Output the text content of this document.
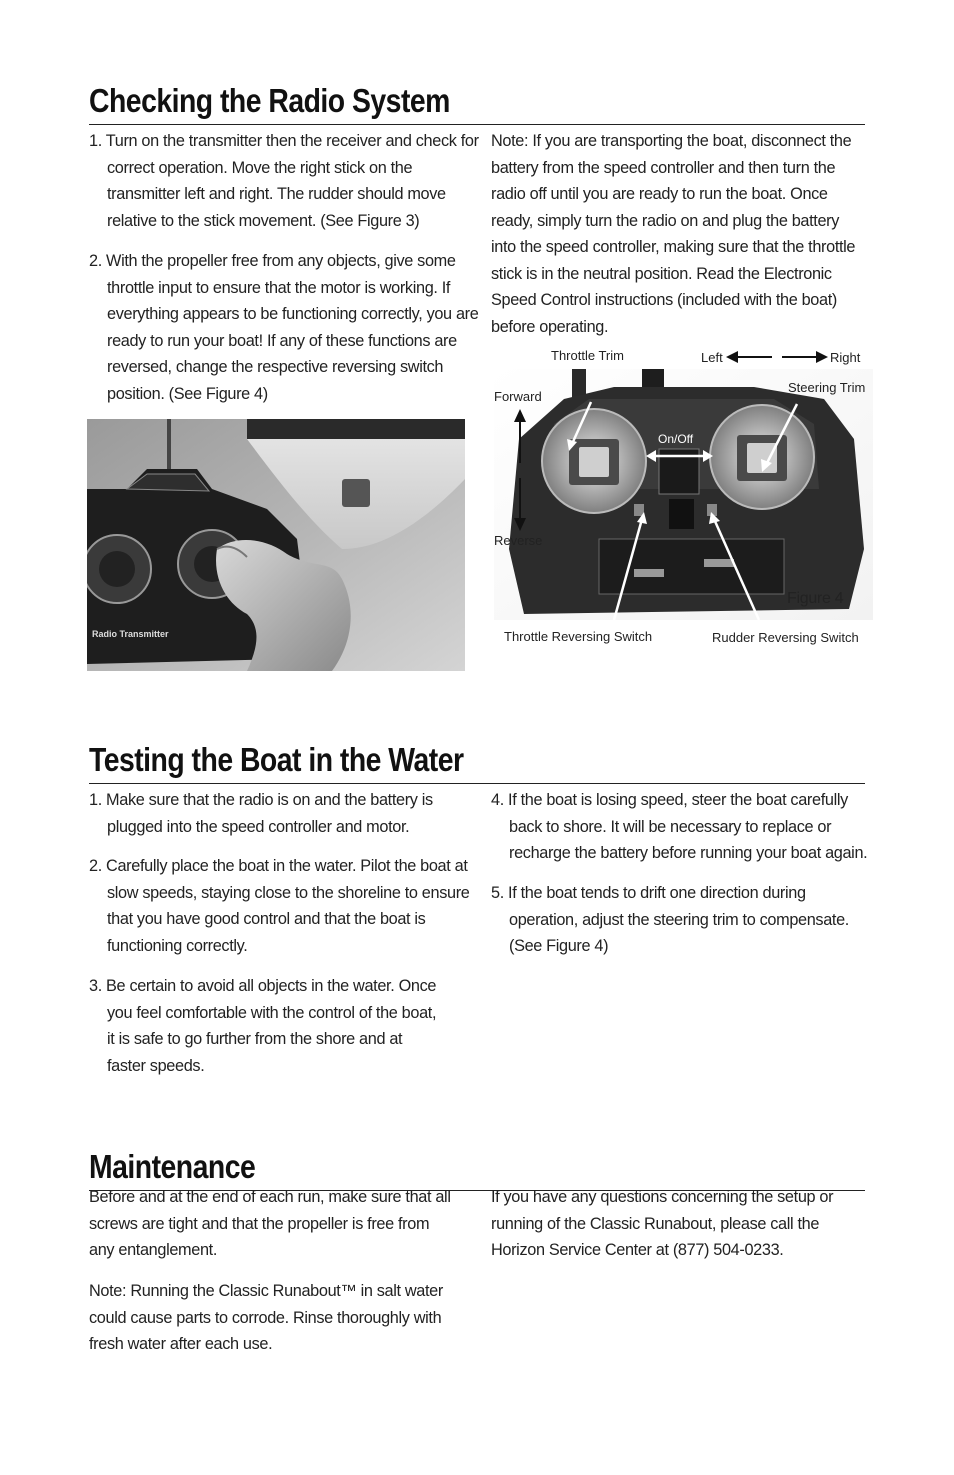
Checking the Radio System
1. Turn on the transmitter then the receiver and check for correct operation. Move the right stick on the transmitter left and right. The rudder should move relative to the stick movement. (See Figure 3)
2. With the propeller free from any objects, give some throttle input to ensure that the motor is working. If everything appears to be functioning correctly, you are ready to run your boat! If any of these functions are reversed, change the respective reversing switch position. (See Figure 4)
Note: If you are transporting the boat, disconnect the battery from the speed controller and then turn the radio off until you are ready to run the boat. Once ready, simply turn the radio on and plug the battery into the speed controller, making sure that the throttle stick is in the neutral position. Read the Electronic Speed Control instructions (included with the boat) before operating.
Radio Transmitter
Throttle Trim	Left	Right
Steering Trim
Forward
On/Off
Reverse
Figure 4
Throttle Reversing Switch	Rudder Reversing Switch
Testing the Boat in the Water
1. Make sure that the radio is on and the battery is plugged into the speed controller and motor.
2. Carefully place the boat in the water. Pilot the boat at slow speeds, staying close to the shoreline to ensure that you have good control and that the boat is functioning correctly.
3. Be certain to avoid all objects in the water. Once you feel comfortable with the control of the boat, it is safe to go further from the shore and at faster speeds.
4. If the boat is losing speed, steer the boat carefully back to shore. It will be necessary to replace or recharge the battery before running your boat again.
5. If the boat tends to drift one direction during operation, adjust the steering trim to compensate. (See Figure 4)
Maintenance
Before and at the end of each run, make sure that all screws are tight and that the propeller is free from any entanglement.
Note: Running the Classic Runabout™ in salt water could cause parts to corrode. Rinse thoroughly with fresh water after each use.
If you have any questions concerning the setup or running of the Classic Runabout, please call the Horizon Service Center at (877) 504-0233.
